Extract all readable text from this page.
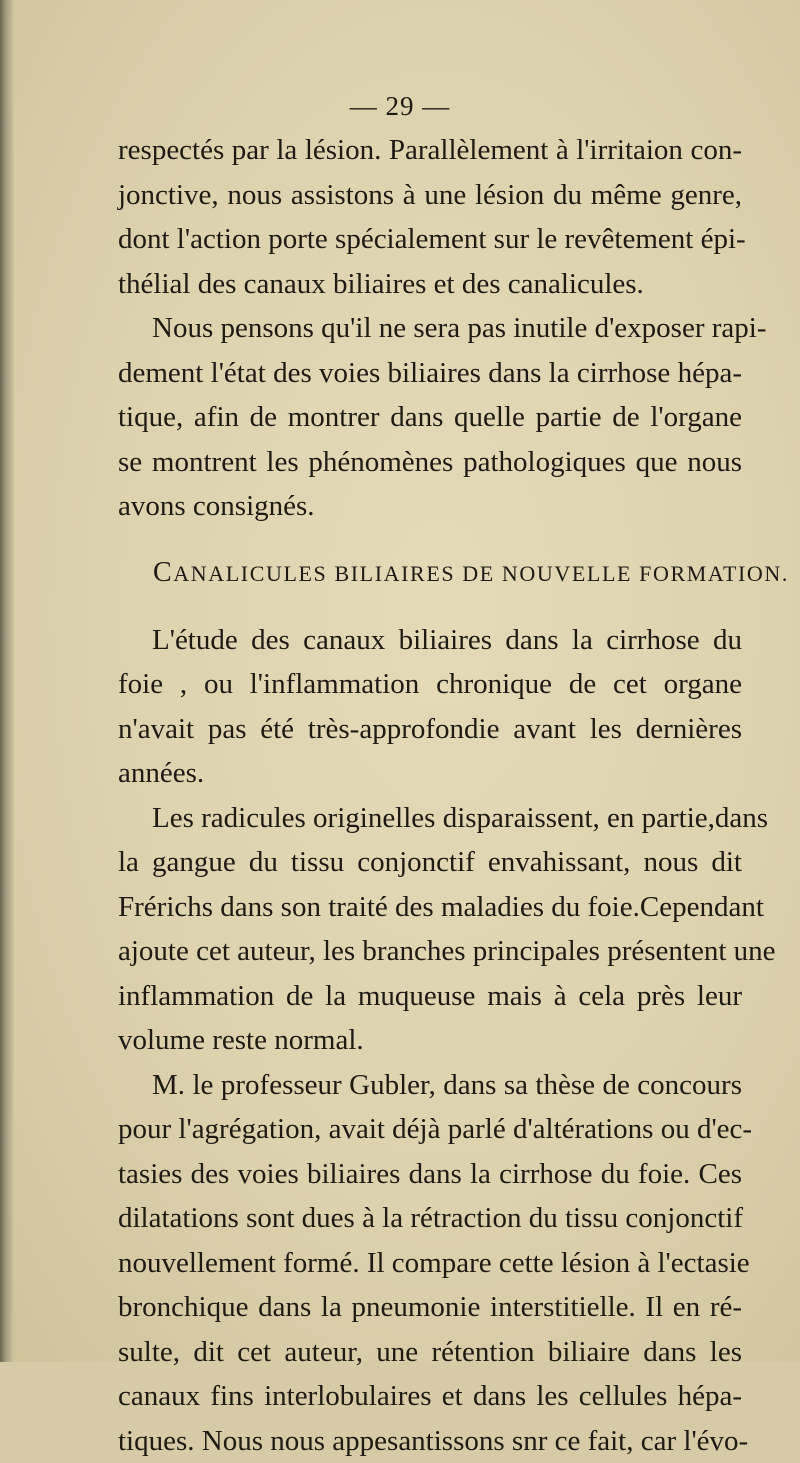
— 29 —
respectés par la lésion. Parallèlement à l'irritaion con-
jonctive, nous assistons à une lésion du même genre,
dont l'action porte spécialement sur le revêtement épi-
thélial des canaux biliaires et des canalicules.
Nous pensons qu'il ne sera pas inutile d'exposer rapi-
dement l'état des voies biliaires dans la cirrhose hépa-
tique, afin de montrer dans quelle partie de l'organe
se montrent les phénomènes pathologiques que nous
avons consignés.
CANALICULES BILIAIRES DE NOUVELLE FORMATION.
L'étude des canaux biliaires dans la cirrhose du
foie , ou l'inflammation chronique de cet organe
n'avait pas été très-approfondie avant les dernières
années.
Les radicules originelles disparaissent, en partie,dans
la gangue du tissu conjonctif envahissant, nous dit
Frérichs dans son traité des maladies du foie.Cependant
ajoute cet auteur, les branches principales présentent une
inflammation de la muqueuse mais à cela près leur
volume reste normal.
M. le professeur Gubler, dans sa thèse de concours
pour l'agrégation, avait déjà parlé d'altérations ou d'ec-
tasies des voies biliaires dans la cirrhose du foie. Ces
dilatations sont dues à la rétraction du tissu conjonctif
nouvellement formé. Il compare cette lésion à l'ectasie
bronchique dans la pneumonie interstitielle. Il en ré-
sulte, dit cet auteur, une rétention biliaire dans les
canaux fins interlobulaires et dans les cellules hépa-
tiques. Nous nous appesantissons snr ce fait, car l'évo-
